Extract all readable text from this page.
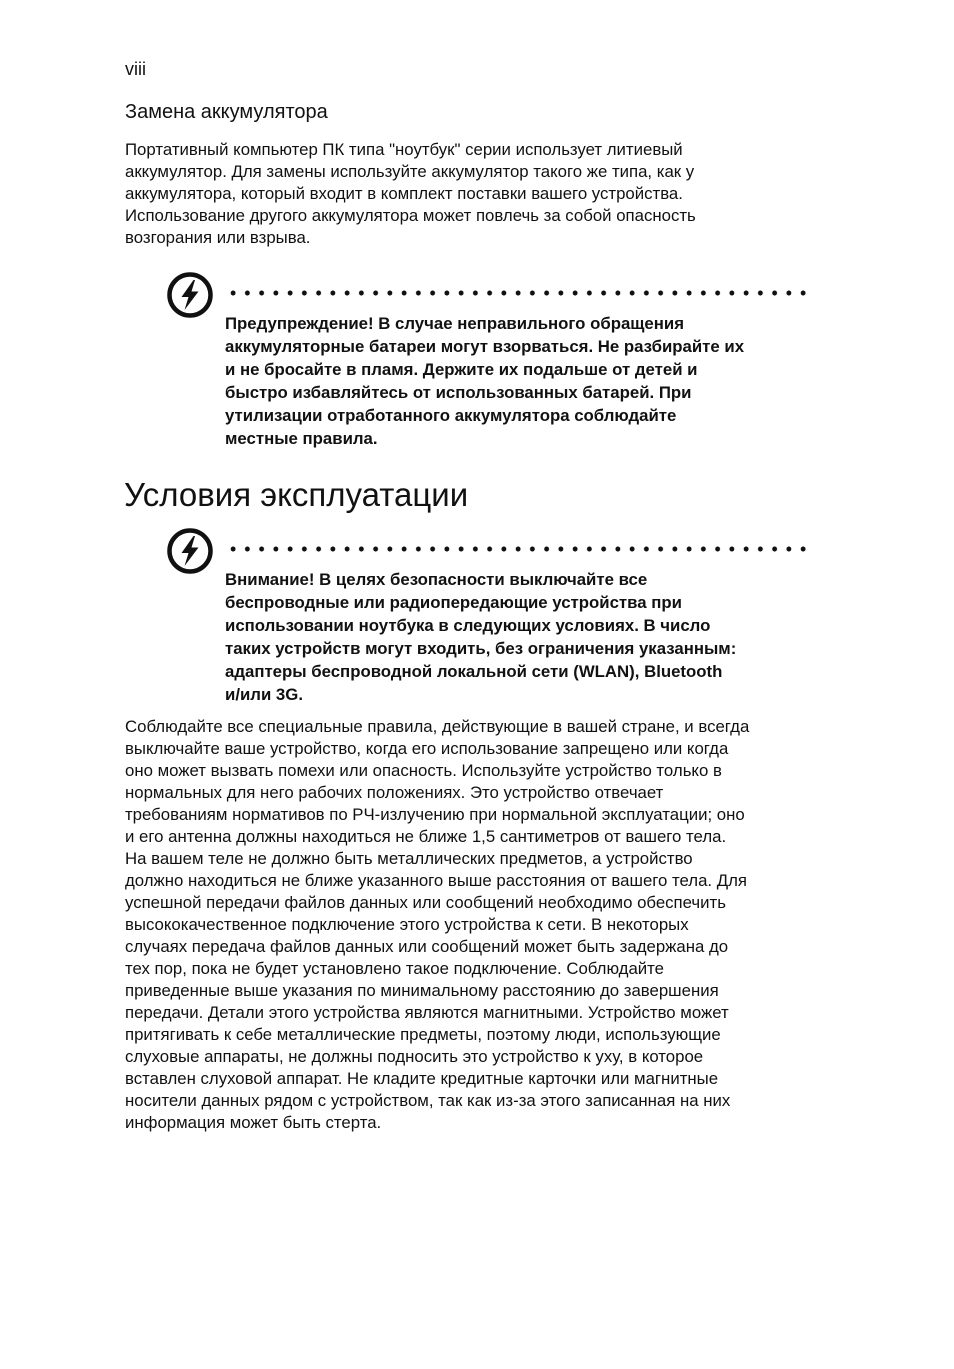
viii
Замена аккумулятора
Портативный компьютер ПК типа "ноутбук" серии использует литиевый
аккумулятор. Для замены используйте аккумулятор такого же типа, как у
аккумулятора, который входит в комплект поставки вашего устройства.
Использование другого аккумулятора может повлечь за собой опасность
возгорания или взрыва.
Предупреждение! В случае неправильного обращения
аккумуляторные батареи могут взорваться. Не разбирайте их
и не бросайте в пламя. Держите их подальше от детей и
быстро избавляйтесь от использованных батарей. При
утилизации отработанного аккумулятора соблюдайте
местные правила.
Условия эксплуатации
Внимание! В целях безопасности выключайте все
беспроводные или радиопередающие устройства при
использовании ноутбука в следующих условиях. В число
таких устройств могут входить, без ограничения указанным:
адаптеры беспроводной локальной сети (WLAN), Bluetooth
и/или 3G.
Соблюдайте все специальные правила, действующие в вашей стране, и всегда
выключайте ваше устройство, когда его использование запрещено или когда
оно может вызвать помехи или опасность. Используйте устройство только в
нормальных для него рабочих положениях. Это устройство отвечает
требованиям нормативов по РЧ-излучению при нормальной эксплуатации; оно
и его антенна должны находиться не ближе 1,5 сантиметров от вашего тела.
На вашем теле не должно быть металлических предметов, а устройство
должно находиться не ближе указанного выше расстояния от вашего тела. Для
успешной передачи файлов данных или сообщений необходимо обеспечить
высококачественное подключение этого устройства к сети. В некоторых
случаях передача файлов данных или сообщений может быть задержана до
тех пор, пока не будет установлено такое подключение. Соблюдайте
приведенные выше указания по минимальному расстоянию до завершения
передачи. Детали этого устройства являются магнитными. Устройство может
притягивать к себе металлические предметы, поэтому люди, использующие
слуховые аппараты, не должны подносить это устройство к уху, в которое
вставлен слуховой аппарат. Не кладите кредитные карточки или магнитные
носители данных рядом с устройством, так как из-за этого записанная на них
информация может быть стерта.
